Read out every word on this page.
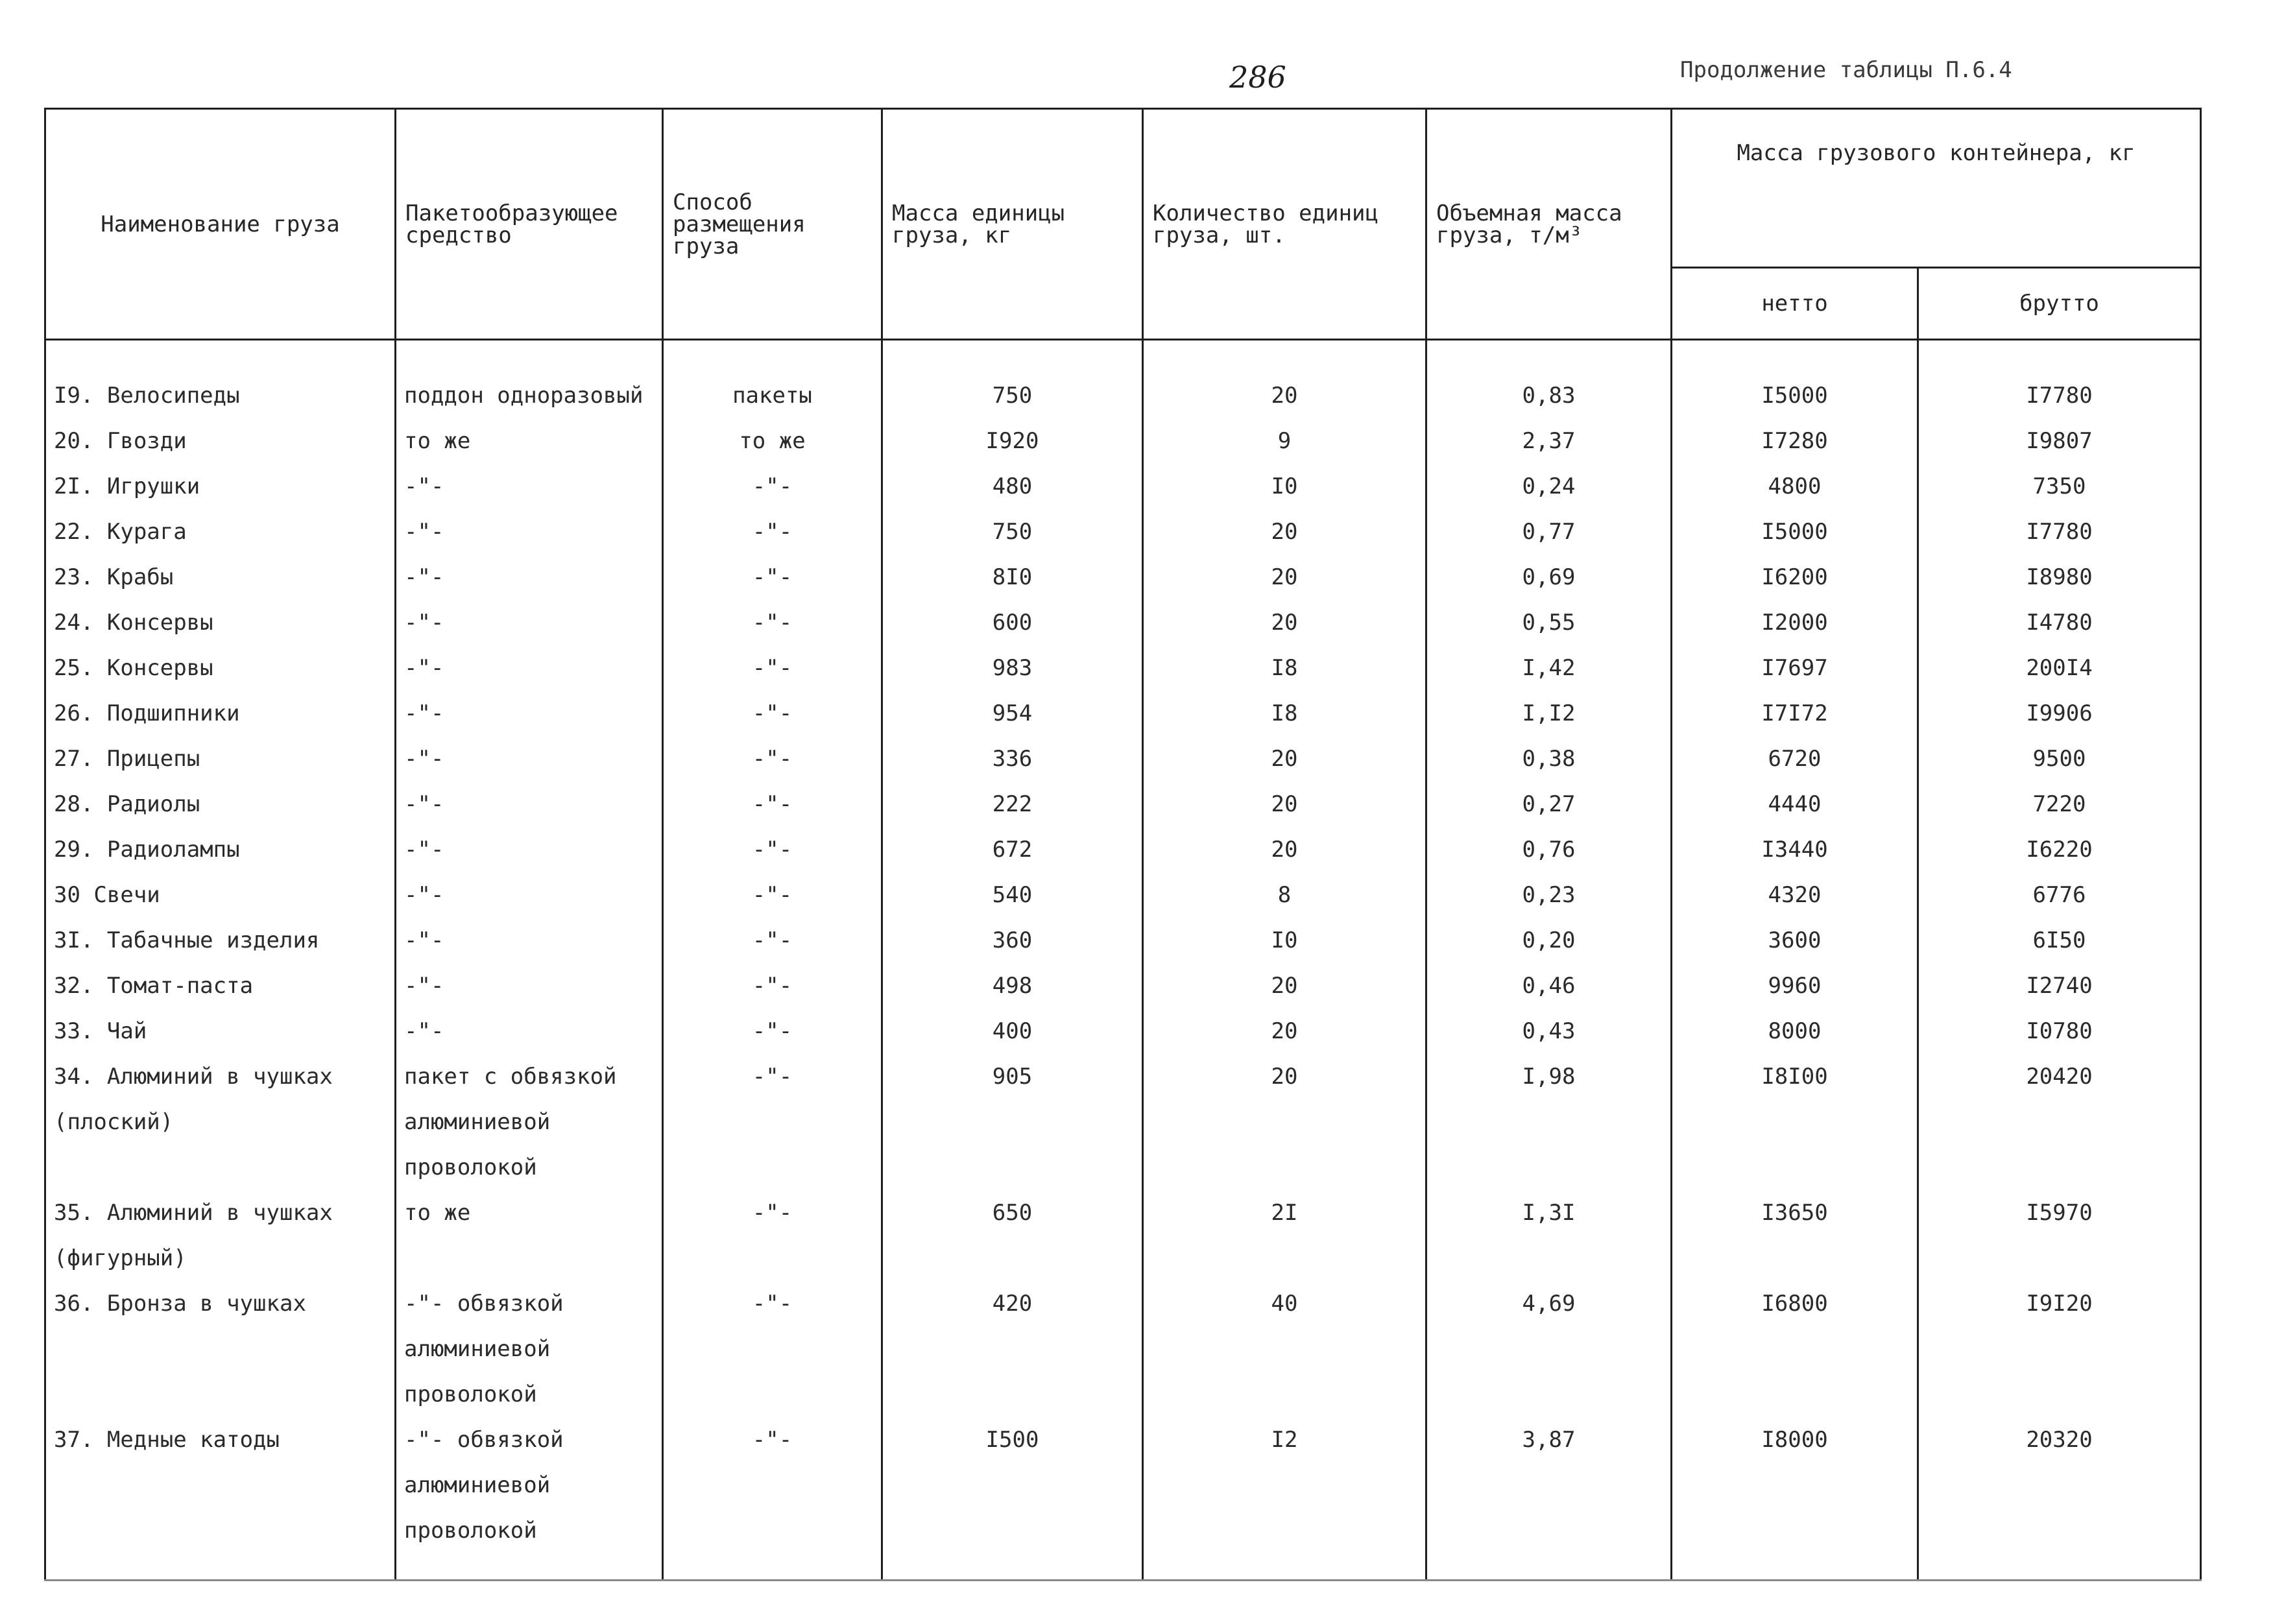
286	Продолжение таблицы П.6.4
Наименование груза	Пакетообразующее средство	Способ размещения груза	Масса единицы груза, кг	Количество единиц груза, шт.	Объемная масса груза, т/м³	Масса грузового контейнера, кг	
						нетто	брутто
I9. Велосипеды	поддон одноразовый	пакеты	750	20	0,83	I5000	I7780
20. Гвозди	то же	то же	I920	9	2,37	I7280	I9807
2I. Игрушки	-"-	-"-	480	I0	0,24	4800	7350
22. Курага	-"-	-"-	750	20	0,77	I5000	I7780
23. Крабы	-"-	-"-	8I0	20	0,69	I6200	I8980
24. Консервы	-"-	-"-	600	20	0,55	I2000	I4780
25. Консервы	-"-	-"-	983	I8	I,42	I7697	200I4
26. Подшипники	-"-	-"-	954	I8	I,I2	I7I72	I9906
27. Прицепы	-"-	-"-	336	20	0,38	6720	9500
28. Радиолы	-"-	-"-	222	20	0,27	4440	7220
29. Радиолампы	-"-	-"-	672	20	0,76	I3440	I6220
30 Свечи	-"-	-"-	540	8	0,23	4320	6776
3I. Табачные изделия	-"-	-"-	360	I0	0,20	3600	6I50
32. Томат-паста	-"-	-"-	498	20	0,46	9960	I2740
33. Чай	-"-	-"-	400	20	0,43	8000	I0780
34. Алюминий в чушках (плоский)	пакет с обвязкой алюминиевой проволокой	-"-	905	20	I,98	I8I00	20420
35. Алюминий в чушках (фигурный)	то же	-"-	650	2I	I,3I	I3650	I5970
36. Бронза в чушках	-"- обвязкой алюминиевой проволокой	-"-	420	40	4,69	I6800	I9I20
37. Медные катоды	-"- обвязкой алюминиевой проволокой	-"-	I500	I2	3,87	I8000	20320
